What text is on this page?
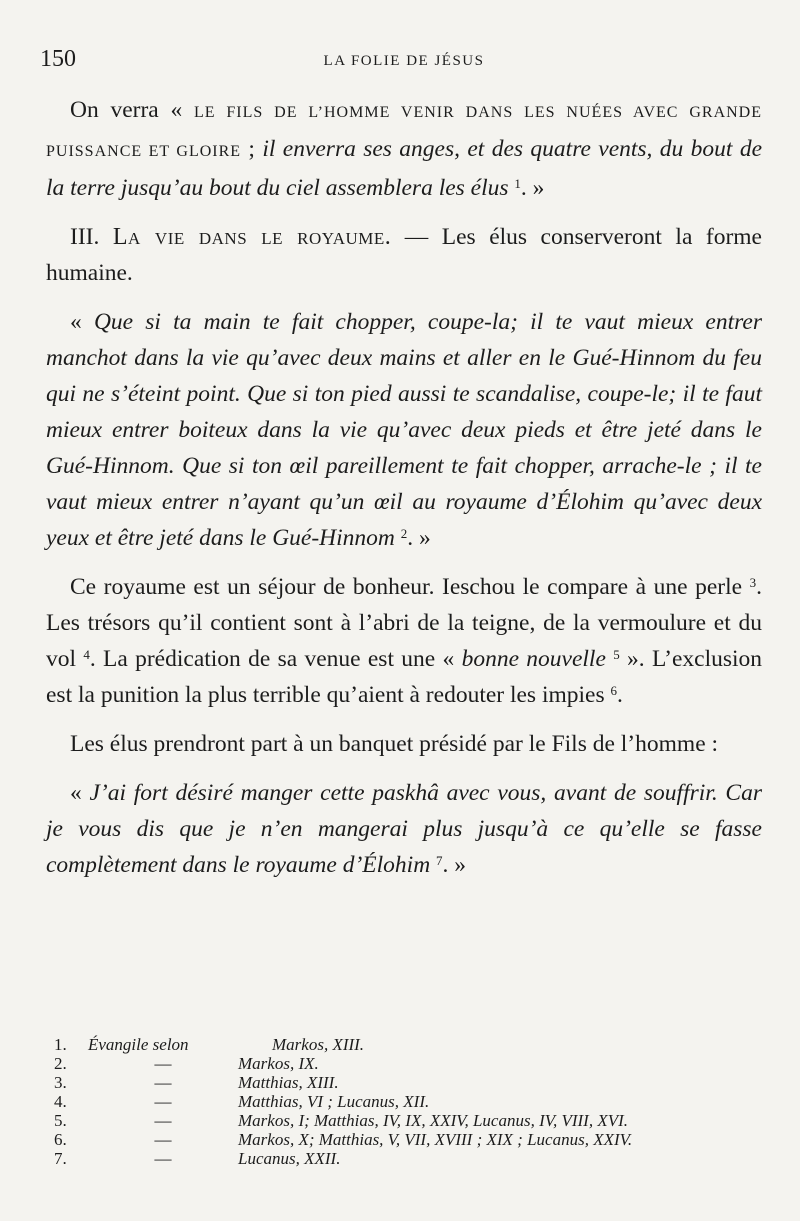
150	LA FOLIE DE JÉSUS

On verra « LE FILS DE L’HOMME VENIR DANS LES NUÉES AVEC GRANDE PUISSANCE ET GLOIRE ; il enverra ses anges, et des quatre vents, du bout de la terre jusqu’au bout du ciel assemblera les élus $^1$. »

III. La vie dans le royaume. — Les élus conserveront la forme humaine.

« Que si ta main te fait chopper, coupe-la; il te vaut mieux entrer manchot dans la vie qu’avec deux mains et aller en le Gué-Hinnom du feu qui ne s’éteint point. Que si ton pied aussi te scandalise, coupe-le; il te faut mieux entrer boiteux dans la vie qu’avec deux pieds et être jeté dans le Gué-Hinnom. Que si ton œil pareillement te fait chopper, arrache-le ; il te vaut mieux entrer n’ayant qu’un œil au royaume d’Élohim qu’avec deux yeux et être jeté dans le Gué-Hinnom $^2$. »

Ce royaume est un séjour de bonheur. Ieschou le compare à une perle $^3$. Les trésors qu’il contient sont à l’abri de la teigne, de la vermoulure et du vol $^4$. La prédication de sa venue est une « bonne nouvelle $^5$ ». L’exclusion est la punition la plus terrible qu’aient à redouter les impies $^6$.

Les élus prendront part à un banquet présidé par le Fils de l’homme :

« J’ai fort désiré manger cette paskhâ avec vous, avant de souffrir. Car je vous dis que je n’en mangerai plus jusqu’à ce qu’elle se fasse complètement dans le royaume d’Élohim $^7$. »

1.	Évangile selon	Markos, XIII.
2.	—	Markos, IX.
3.	—	Matthias, XIII.
4.	—	Matthias, VI ; Lucanus, XII.
5.	—	Markos, I; Matthias, IV, IX, XXIV, Lucanus, IV, VIII, XVI.
6.	—	Markos, X; Matthias, V, VII, XVIII ; XIX ; Lucanus, XXIV.
7.	—	Lucanus, XXII.
